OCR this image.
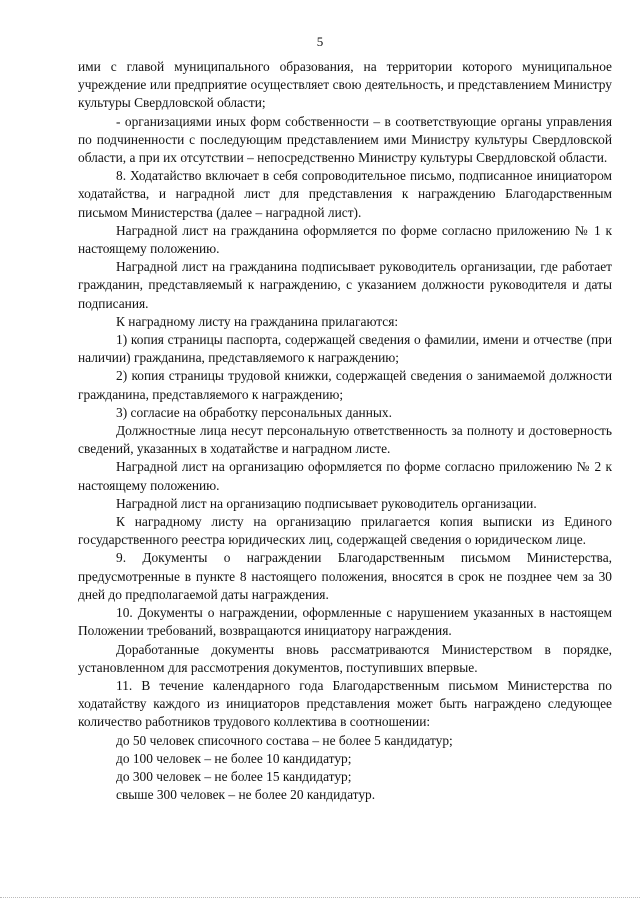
5

ими с главой муниципального образования, на территории которого муниципальное учреждение или предприятие осуществляет свою деятельность, и представлением Министру культуры Свердловской области;

- организациями иных форм собственности – в соответствующие органы управления по подчиненности с последующим представлением ими Министру культуры Свердловской области, а при их отсутствии – непосредственно Министру культуры Свердловской области.

8. Ходатайство включает в себя сопроводительное письмо, подписанное инициатором ходатайства, и наградной лист для представления к награждению Благодарственным письмом Министерства (далее – наградной лист).

Наградной лист на гражданина оформляется по форме согласно приложению № 1 к настоящему положению.

Наградной лист на гражданина подписывает руководитель организации, где работает гражданин, представляемый к награждению, с указанием должности руководителя и даты подписания.

К наградному листу на гражданина прилагаются:

1) копия страницы паспорта, содержащей сведения о фамилии, имени и отчестве (при наличии) гражданина, представляемого к награждению;

2) копия страницы трудовой книжки, содержащей сведения о занимаемой должности гражданина, представляемого к награждению;

3) согласие на обработку персональных данных.

Должностные лица несут персональную ответственность за полноту и достоверность сведений, указанных в ходатайстве и наградном листе.

Наградной лист на организацию оформляется по форме согласно приложению № 2 к настоящему положению.

Наградной лист на организацию подписывает руководитель организации.

К наградному листу на организацию прилагается копия выписки из Единого государственного реестра юридических лиц, содержащей сведения о юридическом лице.

9. Документы о награждении Благодарственным письмом Министерства, предусмотренные в пункте 8 настоящего положения, вносятся в срок не позднее чем за 30 дней до предполагаемой даты награждения.

10. Документы о награждении, оформленные с нарушением указанных в настоящем Положении требований, возвращаются инициатору награждения.

Доработанные документы вновь рассматриваются Министерством в порядке, установленном для рассмотрения документов, поступивших впервые.

11. В течение календарного года Благодарственным письмом Министерства по ходатайству каждого из инициаторов представления может быть награждено следующее количество работников трудового коллектива в соотношении:

до 50 человек списочного состава – не более 5 кандидатур;

до 100 человек – не более 10 кандидатур;

до 300 человек – не более 15 кандидатур;

свыше 300 человек – не более 20 кандидатур.
